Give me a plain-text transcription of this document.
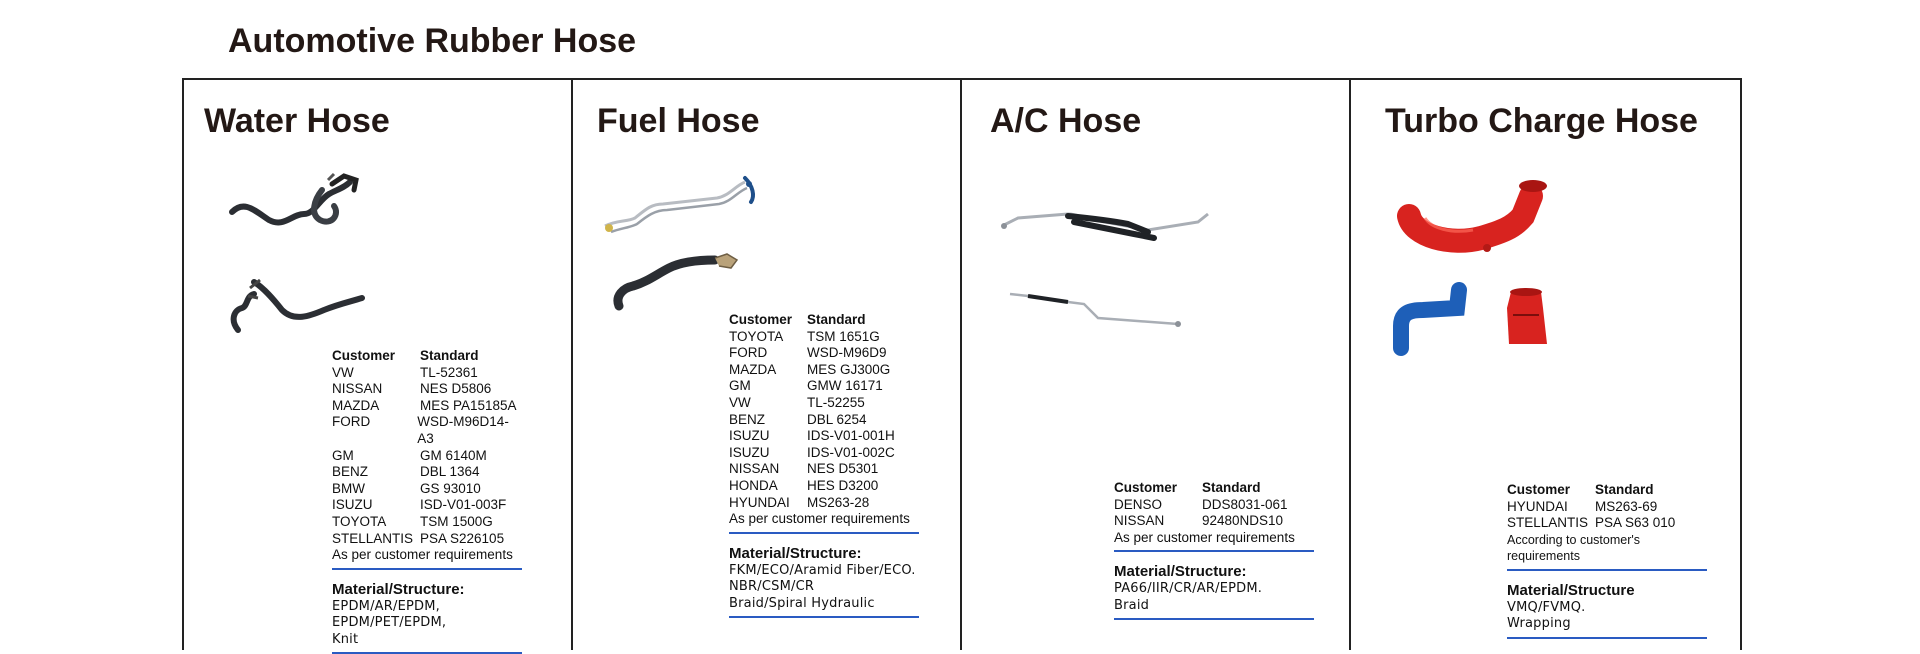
Automotive Rubber Hose
Water Hose
Customer	Standard
VW	TL-52361
NISSAN	NES D5806
MAZDA	MES PA15185A
FORD	WSD-M96D14-A3
GM	GM 6140M
BENZ	DBL 1364
BMW	GS 93010
ISUZU	ISD-V01-003F
TOYOTA	TSM 1500G
STELLANTIS PSA S226105
As per customer requirements
Material/Structure:
EPDM/AR/EPDM, EPDM/PET/EPDM,
Knit
Fuel Hose
Customer	Standard
TOYOTA	TSM 1651G
FORD	WSD-M96D9
MAZDA	MES GJ300G
GM	GMW 16171
VW	TL-52255
BENZ	DBL 6254
ISUZU	IDS-V01-001H
ISUZU	IDS-V01-002C
NISSAN	NES D5301
HONDA	HES D3200
HYUNDAI	MS263-28
As per customer requirements
Material/Structure:
FKM/ECO/Aramid Fiber/ECO.
NBR/CSM/CR
Braid/Spiral Hydraulic
A/C Hose
Customer	Standard
DENSO	DDS8031-061
NISSAN	92480NDS10
As per customer requirements
Material/Structure:
PA66/IIR/CR/AR/EPDM.
Braid
Turbo Charge Hose
Customer	Standard
HYUNDAI	MS263-69
STELLANTIS PSA S63 010
According to customer's requirements
Material/Structure
VMQ/FVMQ.
Wrapping
